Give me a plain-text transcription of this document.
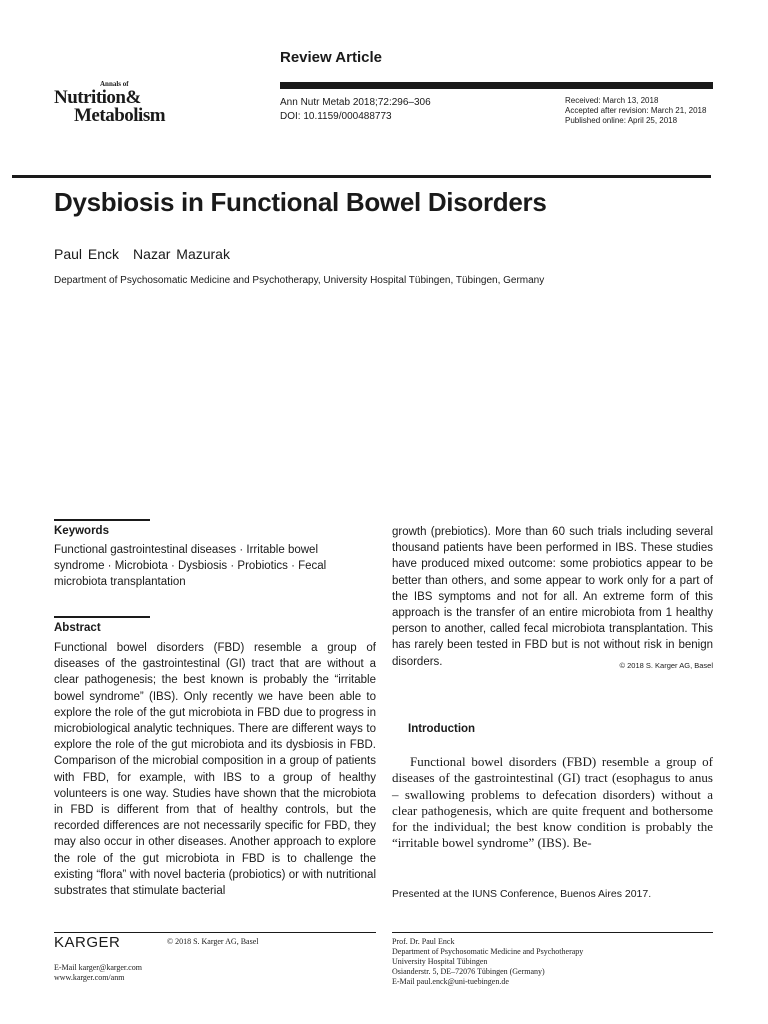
Annals of
Nutrition&
Metabolism
Review Article
Ann Nutr Metab 2018;72:296–306
DOI: 10.1159/000488773
Received: March 13, 2018
Accepted after revision: March 21, 2018
Published online: April 25, 2018
Dysbiosis in Functional Bowel Disorders
Paul Enck Nazar Mazurak
Department of Psychosomatic Medicine and Psychotherapy, University Hospital Tübingen, Tübingen, Germany
Keywords
Functional gastrointestinal diseases · Irritable bowel syndrome · Microbiota · Dysbiosis · Probiotics · Fecal microbiota transplantation
Abstract
Functional bowel disorders (FBD) resemble a group of diseases of the gastrointestinal (GI) tract that are without a clear pathogenesis; the best known is probably the “irritable bowel syndrome” (IBS). Only recently we have been able to explore the role of the gut microbiota in FBD due to progress in microbiological analytic techniques. There are different ways to explore the role of the gut microbiota and its dysbiosis in FBD. Comparison of the microbial composition in a group of patients with FBD, for example, with IBS to a group of healthy volunteers is one way. Studies have shown that the microbiota in FBD is different from that of healthy controls, but the recorded differences are not necessarily specific for FBD, they may also occur in other diseases. Another approach to explore the role of the gut microbiota in FBD is to challenge the existing “flora” with novel bacteria (probiotics) or with nutritional substrates that stimulate bacterial
growth (prebiotics). More than 60 such trials including several thousand patients have been performed in IBS. These studies have produced mixed outcome: some probiotics appear to be better than others, and some appear to work only for a part of the IBS symptoms and not for all. An extreme form of this approach is the transfer of an entire microbiota from 1 healthy person to another, called fecal microbiota transplantation. This has rarely been tested in FBD but is not without risk in benign disorders.	© 2018 S. Karger AG, Basel
Introduction
Functional bowel disorders (FBD) resemble a group of diseases of the gastrointestinal (GI) tract (esophagus to anus – swallowing problems to defecation disorders) without a clear pathogenesis, which are quite frequent and bothersome for the individual; the best know condition is probably the “irritable bowel syndrome” (IBS). Be-
Presented at the IUNS Conference, Buenos Aires 2017.
KARGER	© 2018 S. Karger AG, Basel
E-Mail karger@karger.com
www.karger.com/anm
Prof. Dr. Paul Enck
Department of Psychosomatic Medicine and Psychotherapy
University Hospital Tübingen
Osianderstr. 5, DE–72076 Tübingen (Germany)
E-Mail paul.enck@uni-tuebingen.de
